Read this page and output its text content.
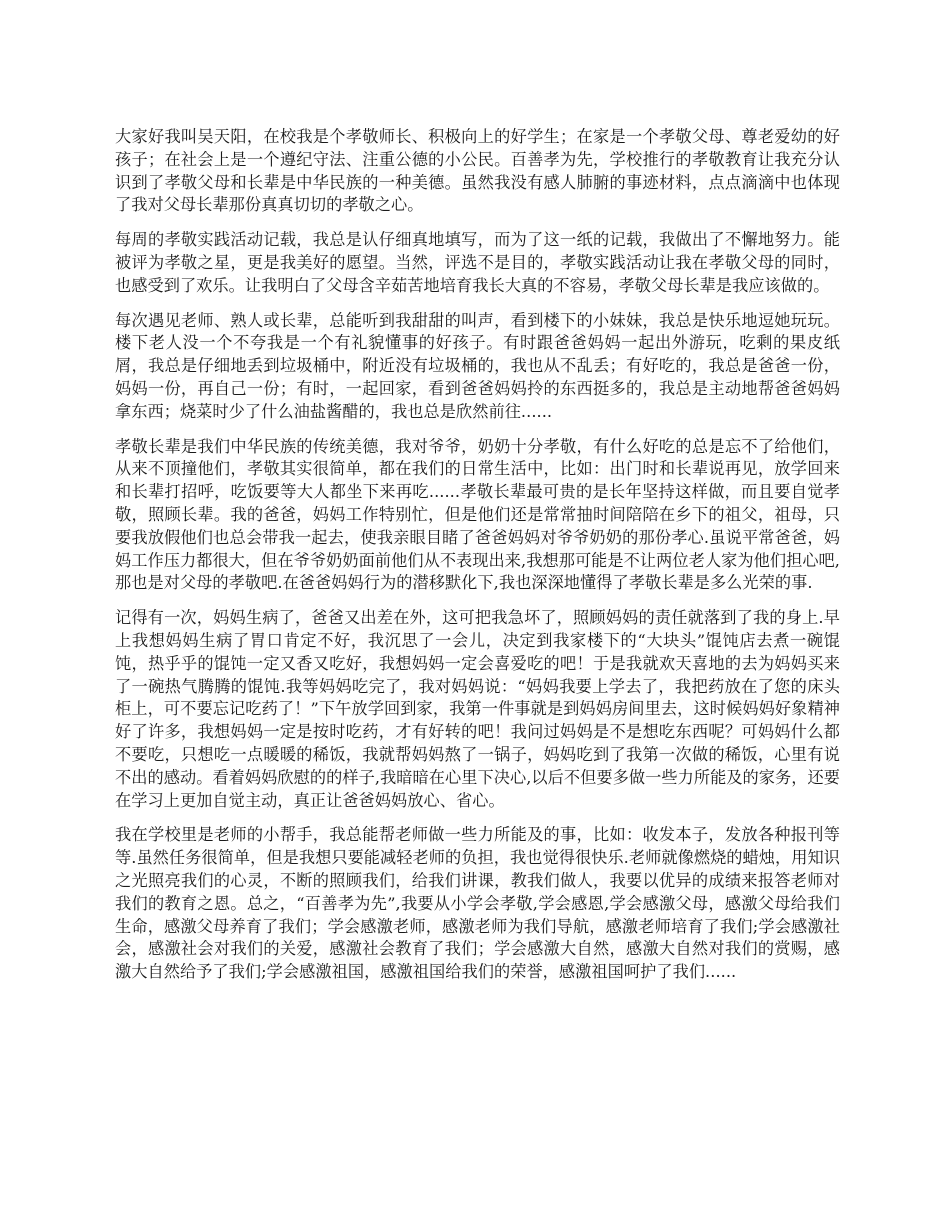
大家好我叫吴天阳，在校我是个孝敬师长、积极向上的好学生；在家是一个孝敬父母、尊老爱幼的好孩子；在社会上是一个遵纪守法、注重公德的小公民。百善孝为先，学校推行的孝敬教育让我充分认识到了孝敬父母和长辈是中华民族的一种美德。虽然我没有感人肺腑的事迹材料，点点滴滴中也体现了我对父母长辈那份真真切切的孝敬之心。

每周的孝敬实践活动记载，我总是认仔细真地填写，而为了这一纸的记载，我做出了不懈地努力。能被评为孝敬之星，更是我美好的愿望。当然，评选不是目的，孝敬实践活动让我在孝敬父母的同时，也感受到了欢乐。让我明白了父母含辛茹苦地培育我长大真的不容易，孝敬父母长辈是我应该做的。

每次遇见老师、熟人或长辈，总能听到我甜甜的叫声，看到楼下的小妹妹，我总是快乐地逗她玩玩。楼下老人没一个不夸我是一个有礼貌懂事的好孩子。有时跟爸爸妈妈一起出外游玩，吃剩的果皮纸屑，我总是仔细地丢到垃圾桶中，附近没有垃圾桶的，我也从不乱丢；有好吃的，我总是爸爸一份，妈妈一份，再自己一份；有时，一起回家，看到爸爸妈妈拎的东西挺多的，我总是主动地帮爸爸妈妈拿东西；烧菜时少了什么油盐酱醋的，我也总是欣然前往......

孝敬长辈是我们中华民族的传统美德，我对爷爷，奶奶十分孝敬，有什么好吃的总是忘不了给他们，从来不顶撞他们，孝敬其实很简单，都在我们的日常生活中，比如：出门时和长辈说再见，放学回来和长辈打招呼，吃饭要等大人都坐下来再吃......孝敬长辈最可贵的是长年坚持这样做，而且要自觉孝敬，照顾长辈。我的爸爸，妈妈工作特别忙，但是他们还是常常抽时间陪陪在乡下的祖父，祖母，只要我放假他们也总会带我一起去，使我亲眼目睹了爸爸妈妈对爷爷奶奶的那份孝心.虽说平常爸爸，妈妈工作压力都很大，但在爷爷奶奶面前他们从不表现出来,我想那可能是不让两位老人家为他们担心吧,那也是对父母的孝敬吧.在爸爸妈妈行为的潜移默化下,我也深深地懂得了孝敬长辈是多么光荣的事.

记得有一次，妈妈生病了，爸爸又出差在外，这可把我急坏了，照顾妈妈的责任就落到了我的身上.早上我想妈妈生病了胃口肯定不好，我沉思了一会儿，决定到我家楼下的“大块头”馄饨店去煮一碗馄饨，热乎乎的馄饨一定又香又吃好，我想妈妈一定会喜爱吃的吧！于是我就欢天喜地的去为妈妈买来了一碗热气腾腾的馄饨.我等妈妈吃完了，我对妈妈说：“妈妈我要上学去了，我把药放在了您的床头柜上，可不要忘记吃药了！”下午放学回到家，我第一件事就是到妈妈房间里去，这时候妈妈好象精神好了许多，我想妈妈一定是按时吃药，才有好转的吧！我问过妈妈是不是想吃东西呢？可妈妈什么都不要吃，只想吃一点暖暖的稀饭，我就帮妈妈熬了一锅子，妈妈吃到了我第一次做的稀饭，心里有说不出的感动。看着妈妈欣慰的的样子,我暗暗在心里下决心,以后不但要多做一些力所能及的家务，还要在学习上更加自觉主动，真正让爸爸妈妈放心、省心。

我在学校里是老师的小帮手，我总能帮老师做一些力所能及的事，比如：收发本子，发放各种报刊等等.虽然任务很简单，但是我想只要能减轻老师的负担，我也觉得很快乐.老师就像燃烧的蜡烛，用知识之光照亮我们的心灵，不断的照顾我们，给我们讲课，教我们做人，我要以优异的成绩来报答老师对我们的教育之恩。总之，“百善孝为先”,我要从小学会孝敬,学会感恩,学会感激父母，感激父母给我们生命，感激父母养育了我们；学会感激老师，感激老师为我们导航，感激老师培育了我们;学会感激社会，感激社会对我们的关爱，感激社会教育了我们；学会感激大自然，感激大自然对我们的赏赐，感激大自然给予了我们;学会感激祖国，感激祖国给我们的荣誉，感激祖国呵护了我们......
